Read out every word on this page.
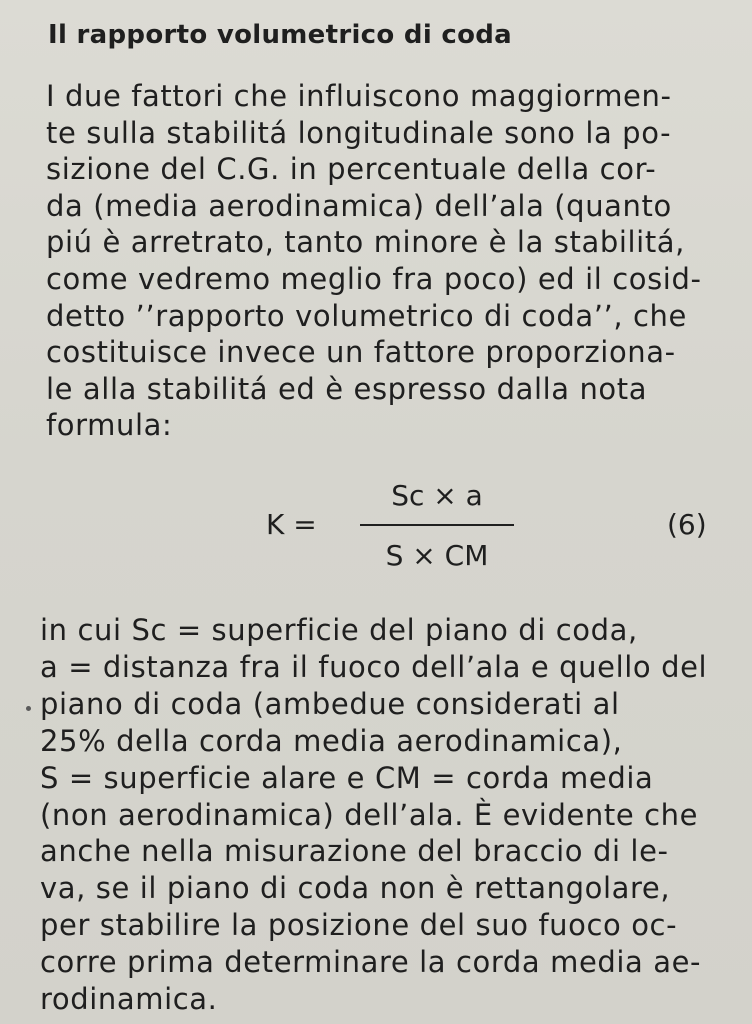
Il rapporto volumetrico di coda
I due fattori che influiscono maggiormen-
te sulla stabilitá longitudinale sono la po-
sizione del C.G. in percentuale della cor-
da (media aerodinamica) dell’ala (quanto
piú è arretrato, tanto minore è la stabilitá,
come vedremo meglio fra poco) ed il cosid-
detto ’’rapporto volumetrico di coda’’, che
costituisce invece un fattore proporziona-
le alla stabilitá ed è espresso dalla nota
formula:
K =
Sc × a
S × CM
(6)
in cui Sc = superficie del piano di coda,
a = distanza fra il fuoco dell’ala e quello del
piano di coda (ambedue considerati al
25% della corda media aerodinamica),
S = superficie alare e CM = corda media
(non aerodinamica) dell’ala. È evidente che
anche nella misurazione del braccio di le-
va, se il piano di coda non è rettangolare,
per stabilire la posizione del suo fuoco oc-
corre prima determinare la corda media ae-
rodinamica.
